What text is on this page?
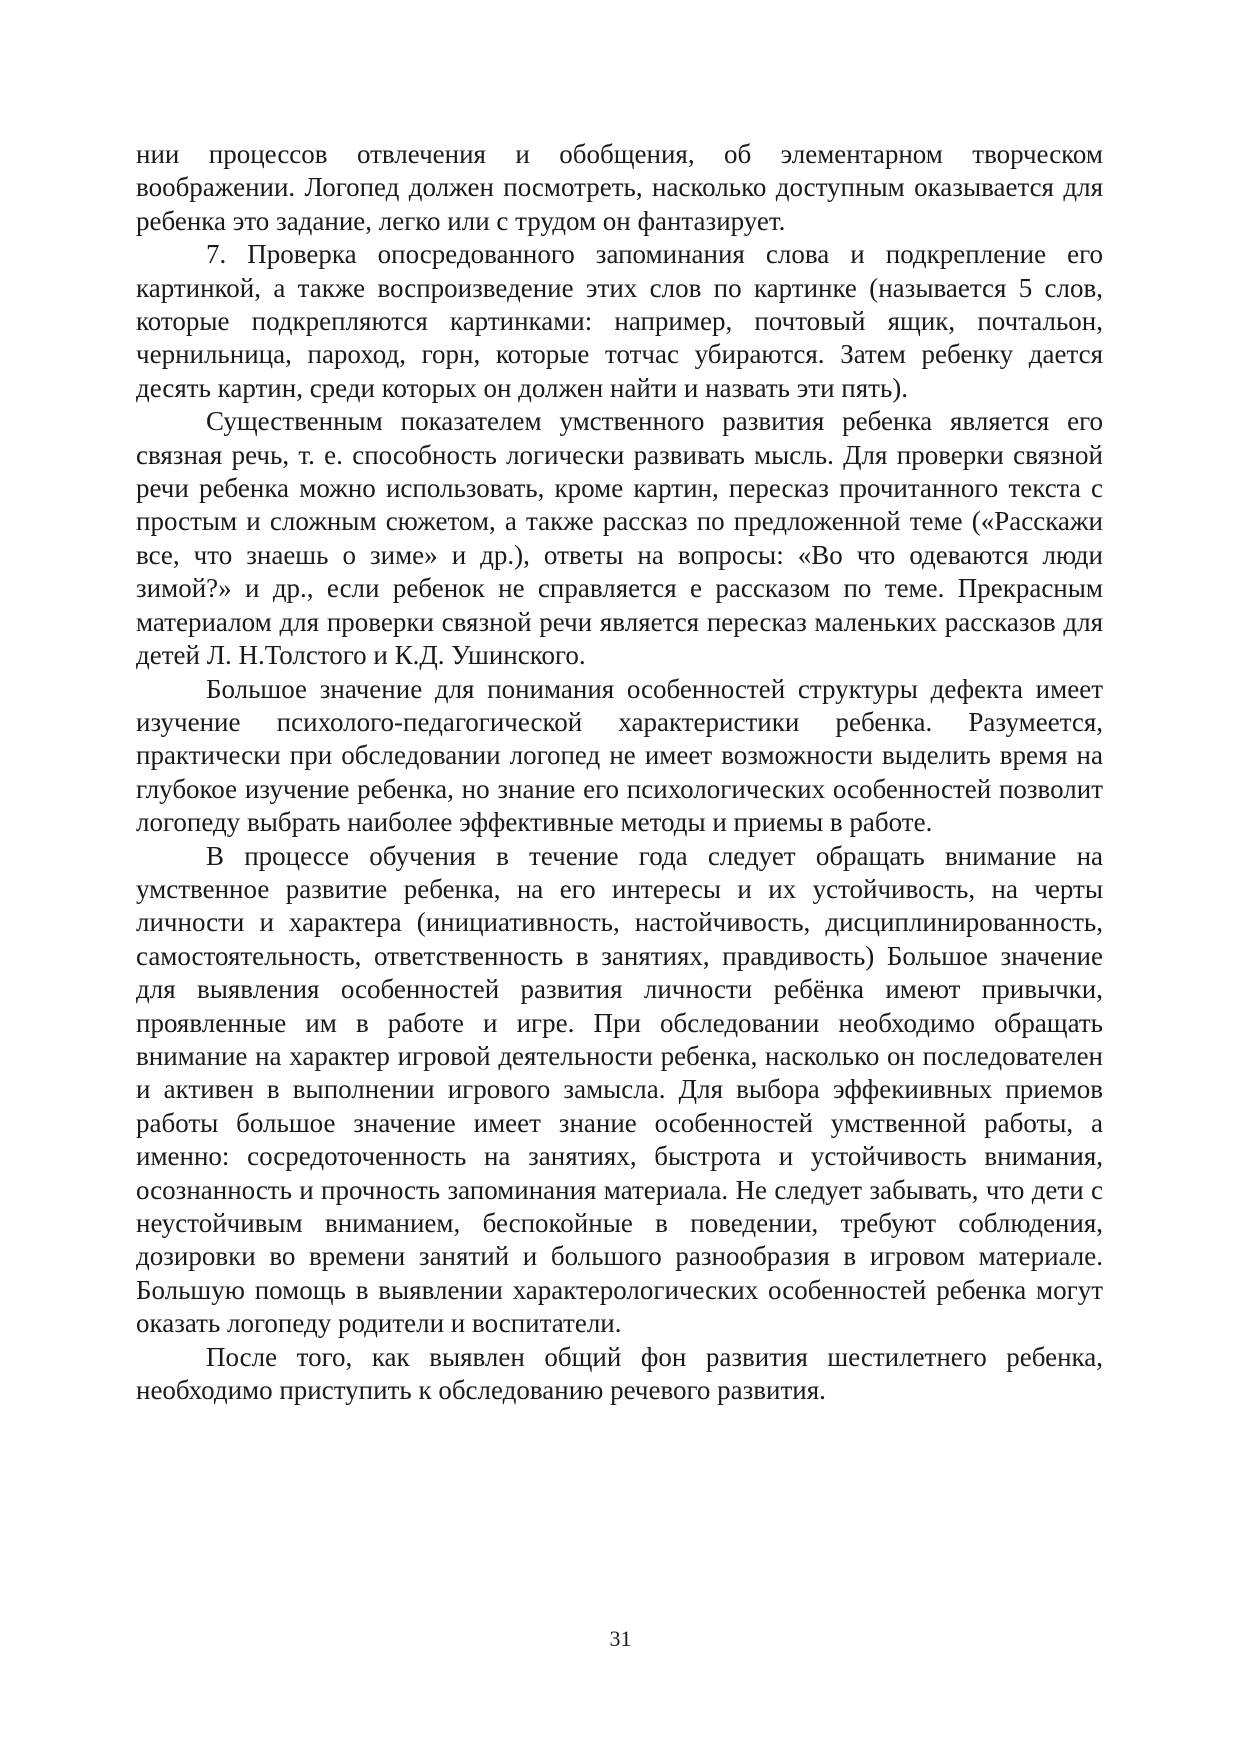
нии процессов отвлечения и обобщения, об элементарном творческом воображении. Логопед должен посмотреть, насколько доступным оказывается для ребенка это задание, легко или с трудом он фантазирует.

7. Проверка опосредованного запоминания слова и подкрепление его картинкой, а также воспроизведение этих слов по картинке (называется 5 слов, которые подкрепляются картинками: например, почтовый ящик, почтальон, чернильница, пароход, горн, которые тотчас убираются. Затем ребенку дается десять картин, среди которых он должен найти и назвать эти пять).

Существенным показателем умственного развития ребенка является его связная речь, т. е. способность логически развивать мысль. Для проверки связной речи ребенка можно использовать, кроме картин, пересказ прочитанного текста с простым и сложным сюжетом, а также рассказ по предложенной теме («Расскажи все, что знаешь о зиме» и др.), ответы на вопросы: «Во что одеваются люди зимой?» и др., если ребенок не справляется е рассказом по теме. Прекрасным материалом для проверки связной речи является пересказ маленьких рассказов для детей Л. Н.Толстого и К.Д. Ушинского.

Большое значение для понимания особенностей структуры дефекта имеет изучение психолого-педагогической характеристики ребенка. Разумеется, практически при обследовании логопед не имеет возможности выделить время на глубокое изучение ребенка, но знание его психологических особенностей позволит логопеду выбрать наиболее эффективные методы и приемы в работе.

В процессе обучения в течение года следует обращать внимание на умственное развитие ребенка, на его интересы и их устойчивость, на черты личности и характера (инициативность, настойчивость, дисциплинированность, самостоятельность, ответственность в занятиях, правдивость) Большое значение для выявления особенностей развития личности ребёнка имеют привычки, проявленные им в работе и игре. При обследовании необходимо обращать внимание на характер игровой деятельности ребенка, насколько он последователен и активен в выполнении игрового замысла. Для выбора эффекиивных приемов работы большое значение имеет знание особенностей умственной работы, а именно: сосредоточенность на занятиях, быстрота и устойчивость внимания, осознанность и прочность запоминания материала. Не следует забывать, что дети с неустойчивым вниманием, беспокойные в поведении, требуют соблюдения, дозировки во времени занятий и большого разнообразия в игровом материале. Большую помощь в выявлении характерологических особенностей ребенка могут оказать логопеду родители и воспитатели.

После того, как выявлен общий фон развития шестилетнего ребенка, необходимо приступить к обследованию речевого развития.

31
